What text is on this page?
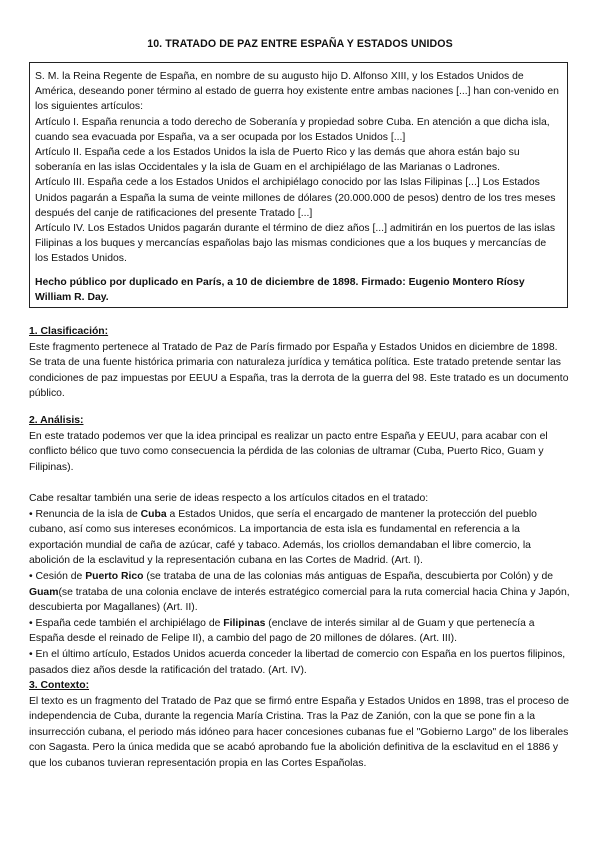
10. TRATADO DE PAZ ENTRE ESPAÑA Y ESTADOS UNIDOS

S. M. la Reina Regente de España, en nombre de su augusto hijo D. Alfonso XIII, y los Estados Unidos de América, deseando poner término al estado de guerra hoy existente entre ambas naciones [...] han con-venido en los siguientes artículos:

Artículo I. España renuncia a todo derecho de Soberanía y propiedad sobre Cuba. En atención a que dicha isla, cuando sea evacuada por España, va a ser ocupada por los Estados Unidos [...]

Artículo II. España cede a los Estados Unidos la isla de Puerto Rico y las demás que ahora están bajo su soberanía en las islas Occidentales y la isla de Guam en el archipiélago de las Marianas o Ladrones.

Artículo III. España cede a los Estados Unidos el archipiélago conocido por las Islas Filipinas [...] Los Estados Unidos pagarán a España la suma de veinte millones de dólares (20.000.000 de pesos) dentro de los tres meses después del canje de ratificaciones del presente Tratado [...]

Artículo IV. Los Estados Unidos pagarán durante el término de diez años [...] admitirán en los puertos de las islas Filipinas a los buques y mercancías españolas bajo las mismas condiciones que a los buques y mercancías de los Estados Unidos.

Hecho público por duplicado en París, a 10 de diciembre de 1898. Firmado: Eugenio Montero Ríosy William R. Day.

1. Clasificación:

Este fragmento pertenece al Tratado de Paz de París firmado por España y Estados Unidos en diciembre de 1898. Se trata de una fuente histórica primaria con naturaleza jurídica y temática política. Este tratado pretende sentar las condiciones de paz impuestas por EEUU a España, tras la derrota de la guerra del 98. Este tratado es un documento público.

2. Análisis:

En este tratado podemos ver que la idea principal es realizar un pacto entre España y EEUU, para acabar con el conflicto bélico que tuvo como consecuencia la pérdida de las colonias de ultramar (Cuba, Puerto Rico, Guam y Filipinas).

Cabe resaltar también una serie de ideas respecto a los artículos citados en el tratado:

• Renuncia de la isla de Cuba a Estados Unidos, que sería el encargado de mantener la protección del pueblo cubano, así como sus intereses económicos. La importancia de esta isla es fundamental en referencia a la exportación mundial de caña de azúcar, café y tabaco. Además, los criollos demandaban el libre comercio, la abolición de la esclavitud y la representación cubana en las Cortes de Madrid. (Art. I).

• Cesión de Puerto Rico (se trataba de una de las colonias más antiguas de España, descubierta por Colón) y de Guam(se trataba de una colonia enclave de interés estratégico comercial para la ruta comercial hacia China y Japón, descubierta por Magallanes) (Art. II).

• España cede también el archipiélago de Filipinas (enclave de interés similar al de Guam y que pertenecía a España desde el reinado de Felipe II), a cambio del pago de 20 millones de dólares. (Art. III).

• En el último artículo, Estados Unidos acuerda conceder la libertad de comercio con España en los puertos filipinos, pasados diez años desde la ratificación del tratado. (Art. IV).

3. Contexto:

El texto es un fragmento del Tratado de Paz que se firmó entre España y Estados Unidos en 1898, tras el proceso de independencia de Cuba, durante la regencia María Cristina. Tras la Paz de Zanión, con la que se pone fin a la insurrección cubana, el periodo más idóneo para hacer concesiones cubanas fue el "Gobierno Largo" de los liberales con Sagasta. Pero la única medida que se acabó aprobando fue la abolición definitiva de la esclavitud en el 1886 y que los cubanos tuvieran representación propia en las Cortes Españolas.
